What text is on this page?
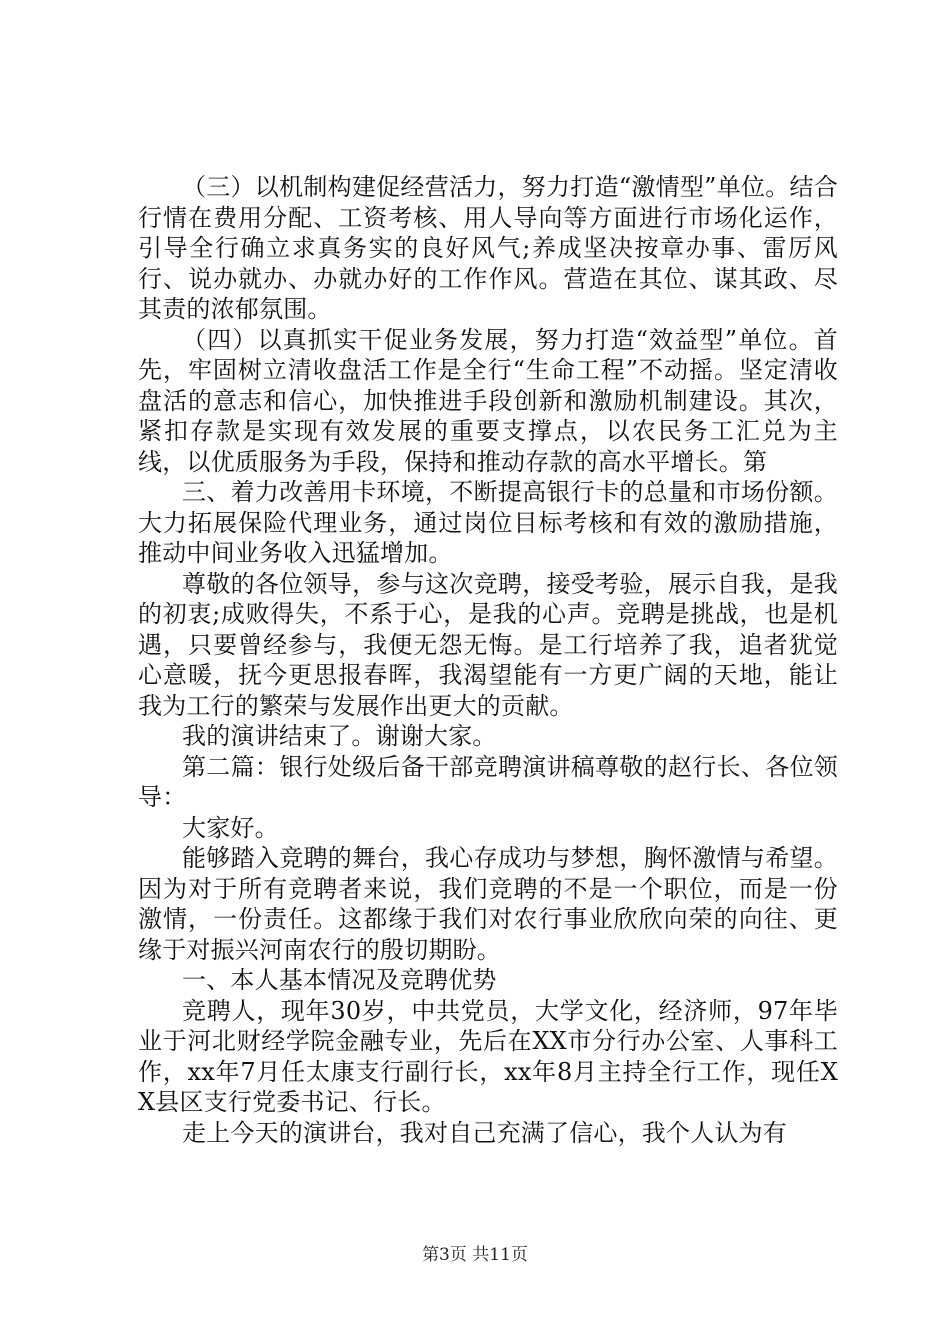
（三）以机制构建促经营活力，努力打造“激情型”单位。结合行情在费用分配、工资考核、用人导向等方面进行市场化运作，引导全行确立求真务实的良好风气;养成坚决按章办事、雷厉风行、说办就办、办就办好的工作作风。营造在其位、谋其政、尽其责的浓郁氛围。

（四）以真抓实干促业务发展，努力打造“效益型”单位。首先，牢固树立清收盘活工作是全行“生命工程”不动摇。坚定清收盘活的意志和信心，加快推进手段创新和激励机制建设。其次，紧扣存款是实现有效发展的重要支撑点，以农民务工汇兑为主线，以优质服务为手段，保持和推动存款的高水平增长。第

三、着力改善用卡环境，不断提高银行卡的总量和市场份额。大力拓展保险代理业务，通过岗位目标考核和有效的激励措施，推动中间业务收入迅猛增加。

尊敬的各位领导，参与这次竞聘，接受考验，展示自我，是我的初衷;成败得失，不系于心，是我的心声。竞聘是挑战，也是机遇，只要曾经参与，我便无怨无悔。是工行培养了我，追者犹觉心意暖，抚今更思报春晖，我渴望能有一方更广阔的天地，能让我为工行的繁荣与发展作出更大的贡献。

我的演讲结束了。谢谢大家。

第二篇：银行处级后备干部竞聘演讲稿尊敬的赵行长、各位领导：

大家好。

能够踏入竞聘的舞台，我心存成功与梦想，胸怀激情与希望。因为对于所有竞聘者来说，我们竞聘的不是一个职位，而是一份激情，一份责任。这都缘于我们对农行事业欣欣向荣的向往、更缘于对振兴河南农行的殷切期盼。

一、本人基本情况及竞聘优势

竞聘人，现年30岁，中共党员，大学文化，经济师，97年毕业于河北财经学院金融专业，先后在XX市分行办公室、人事科工作，xx年7月任太康支行副行长，xx年8月主持全行工作，现任XX县区支行党委书记、行长。

走上今天的演讲台，我对自己充满了信心，我个人认为有

第3页 共11页
